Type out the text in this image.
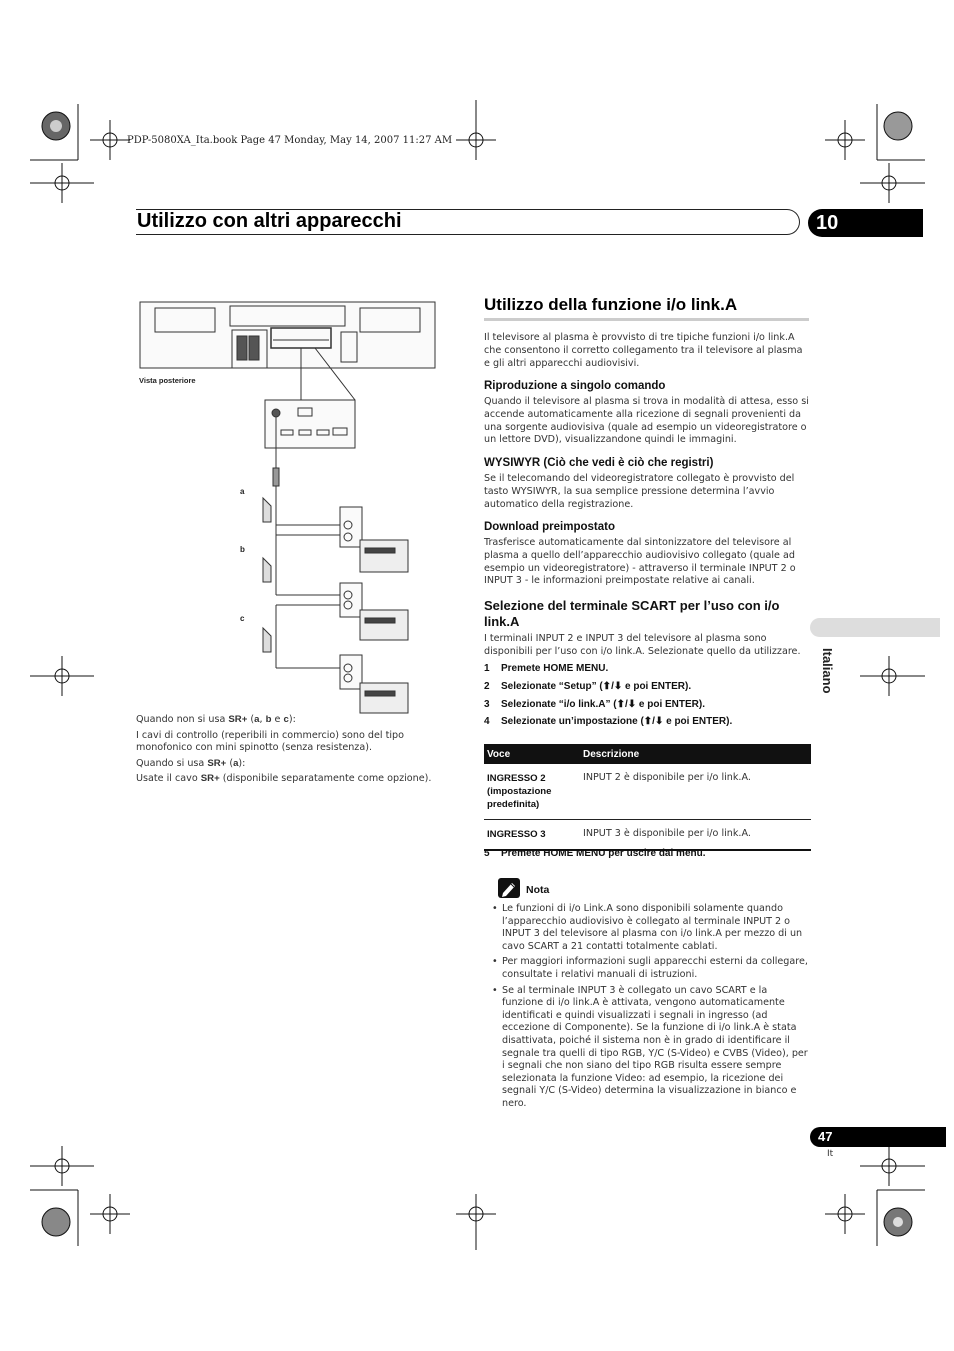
PDP-5080XA_Ita.book Page 47 Monday, May 14, 2007 11:27 AM
Utilizzo con altri apparecchi	10
Italiano
Vista posteriore
a
b
c
Quando non si usa SR+ (a, b e c):
I cavi di controllo (reperibili in commercio) sono del tipo monofonico con mini spinotto (senza resistenza).
Quando si usa SR+ (a):
Usate il cavo SR+ (disponibile separatamente come opzione).
Utilizzo della funzione i/o link.A
Il televisore al plasma è provvisto di tre tipiche funzioni i/o link.A che consentono il corretto collegamento tra il televisore al plasma e gli altri apparecchi audiovisivi.
Riproduzione a singolo comando
Quando il televisore al plasma si trova in modalità di attesa, esso si accende automaticamente alla ricezione di segnali provenienti da una sorgente audiovisiva (quale ad esempio un videoregistratore o un lettore DVD), visualizzandone quindi le immagini.
WYSIWYR (Ciò che vedi è ciò che registri)
Se il telecomando del videoregistratore collegato è provvisto del tasto WYSIWYR, la sua semplice pressione determina l’avvio automatico della registrazione.
Download preimpostato
Trasferisce automaticamente dal sintonizzatore del televisore al plasma a quello dell’apparecchio audiovisivo collegato (quale ad esempio un videoregistratore) - attraverso il terminale INPUT 2 o INPUT 3 - le informazioni preimpostate relative ai canali.
Selezione del terminale SCART per l’uso con i/o link.A
I terminali INPUT 2 e INPUT 3 del televisore al plasma sono disponibili per l’uso con i/o link.A. Selezionate quello da utilizzare.
1 Premete HOME MENU.
2 Selezionate “Setup” (⬆/⬇ e poi ENTER).
3 Selezionate “i/o link.A” (⬆/⬇ e poi ENTER).
4 Selezionate un’impostazione (⬆/⬇ e poi ENTER).
Voce	Descrizione
INGRESSO 2 (impostazione predefinita)	INPUT 2 è disponibile per i/o link.A.
INGRESSO 3	INPUT 3 è disponibile per i/o link.A.
5 Premete HOME MENU per uscire dal menu.
Nota
• Le funzioni di i/o Link.A sono disponibili solamente quando l’apparecchio audiovisivo è collegato al terminale INPUT 2 o INPUT 3 del televisore al plasma con i/o link.A per mezzo di un cavo SCART a 21 contatti totalmente cablati.
• Per maggiori informazioni sugli apparecchi esterni da collegare, consultate i relativi manuali di istruzioni.
• Se al terminale INPUT 3 è collegato un cavo SCART e la funzione di i/o link.A è attivata, vengono automaticamente identificati e quindi visualizzati i segnali in ingresso (ad eccezione di Componente). Se la funzione di i/o link.A è stata disattivata, poiché il sistema non è in grado di identificare il segnale tra quelli di tipo RGB, Y/C (S-Video) e CVBS (Video), per i segnali che non siano del tipo RGB risulta essere sempre selezionata la funzione Video: ad esempio, la ricezione dei segnali Y/C (S-Video) determina la visualizzazione in bianco e nero.
47
It
